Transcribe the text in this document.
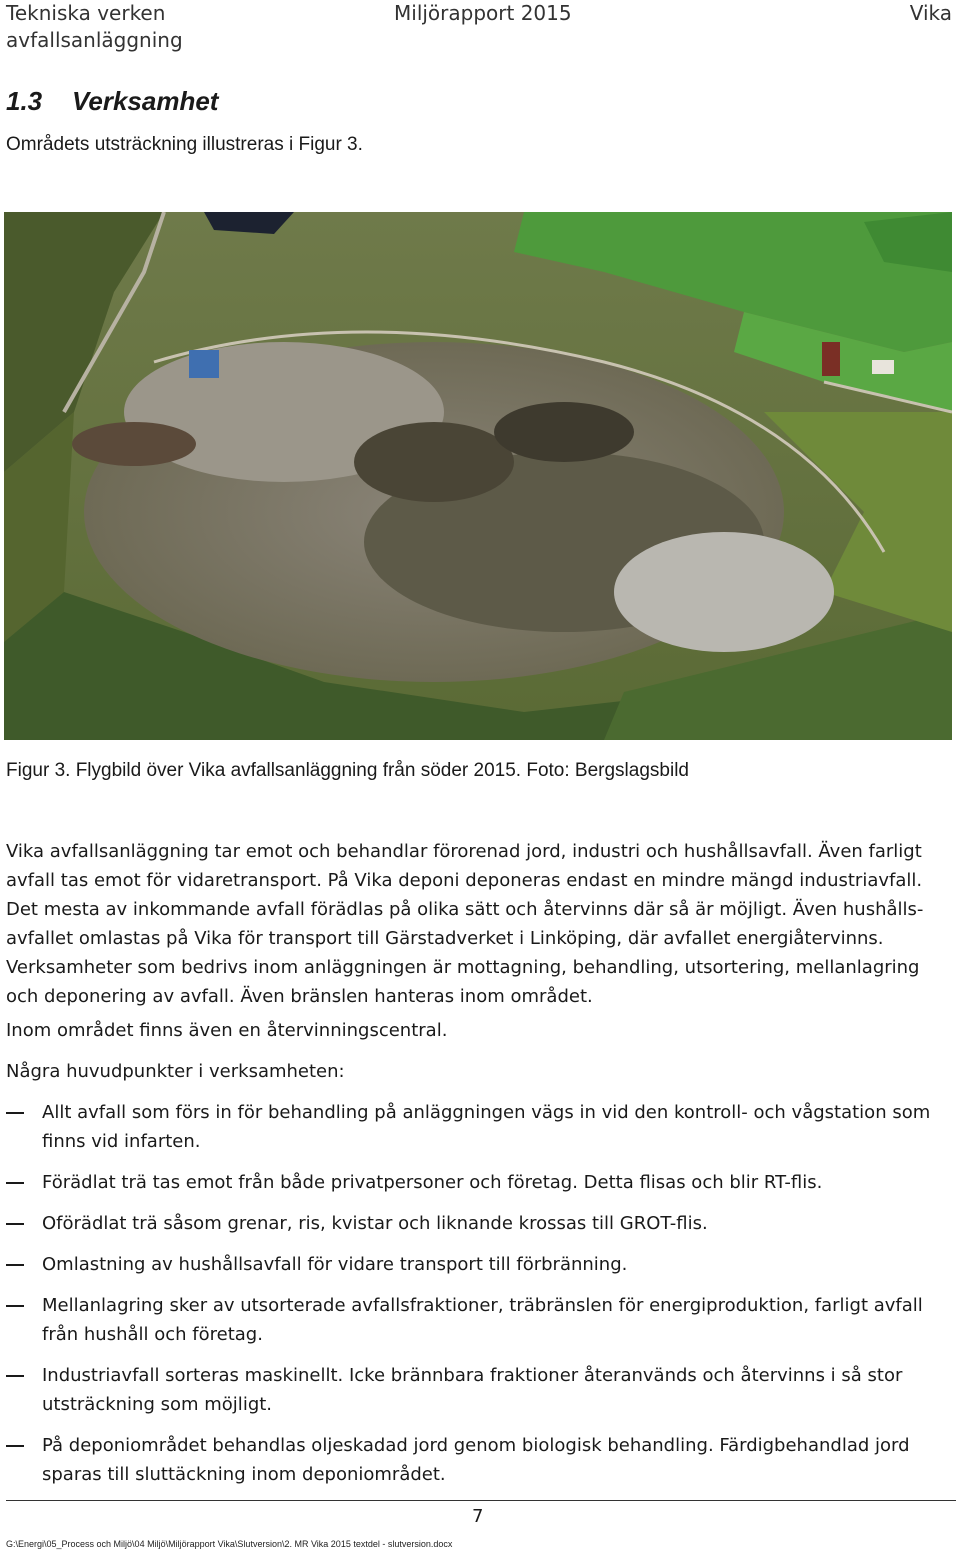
Tekniska verken
avfallsanläggning
Miljörapport 2015	Vika
1.3 Verksamhet
Områdets utsträckning illustreras i Figur 3.
Figur 3. Flygbild över Vika avfallsanläggning från söder 2015. Foto: Bergslagsbild

Vika avfallsanläggning tar emot och behandlar förorenad jord, industri och hushållsavfall. Även farligt avfall tas emot för vidaretransport. På Vika deponi deponeras endast en mindre mängd industriavfall. Det mesta av inkommande avfall förädlas på olika sätt och återvinns där så är möjligt. Även hushålls-avfallet omlastas på Vika för transport till Gärstadverket i Linköping, där avfallet energiåtervinns. Verksamheter som bedrivs inom anläggningen är mottagning, behandling, utsortering, mellanlagring och deponering av avfall. Även bränslen hanteras inom området.

Inom området finns även en återvinningscentral.

Några huvudpunkter i verksamheten:

Allt avfall som förs in för behandling på anläggningen vägs in vid den kontroll- och vågstation som finns vid infarten.
Förädlat trä tas emot från både privatpersoner och företag. Detta flisas och blir RT-flis.
Oförädlat trä såsom grenar, ris, kvistar och liknande krossas till GROT-flis.
Omlastning av hushållsavfall för vidare transport till förbränning.
Mellanlagring sker av utsorterade avfallsfraktioner, träbränslen för energiproduktion, farligt avfall från hushåll och företag.
Industriavfall sorteras maskinellt. Icke brännbara fraktioner återanvänds och återvinns i så stor utsträckning som möjligt.
På deponiområdet behandlas oljeskadad jord genom biologisk behandling. Färdigbehandlad jord sparas till sluttäckning inom deponiområdet.
7
G:\Energi\05_Process och Miljö\04 Miljö\Miljörapport Vika\Slutversion\2. MR Vika 2015 textdel - slutversion.docx
